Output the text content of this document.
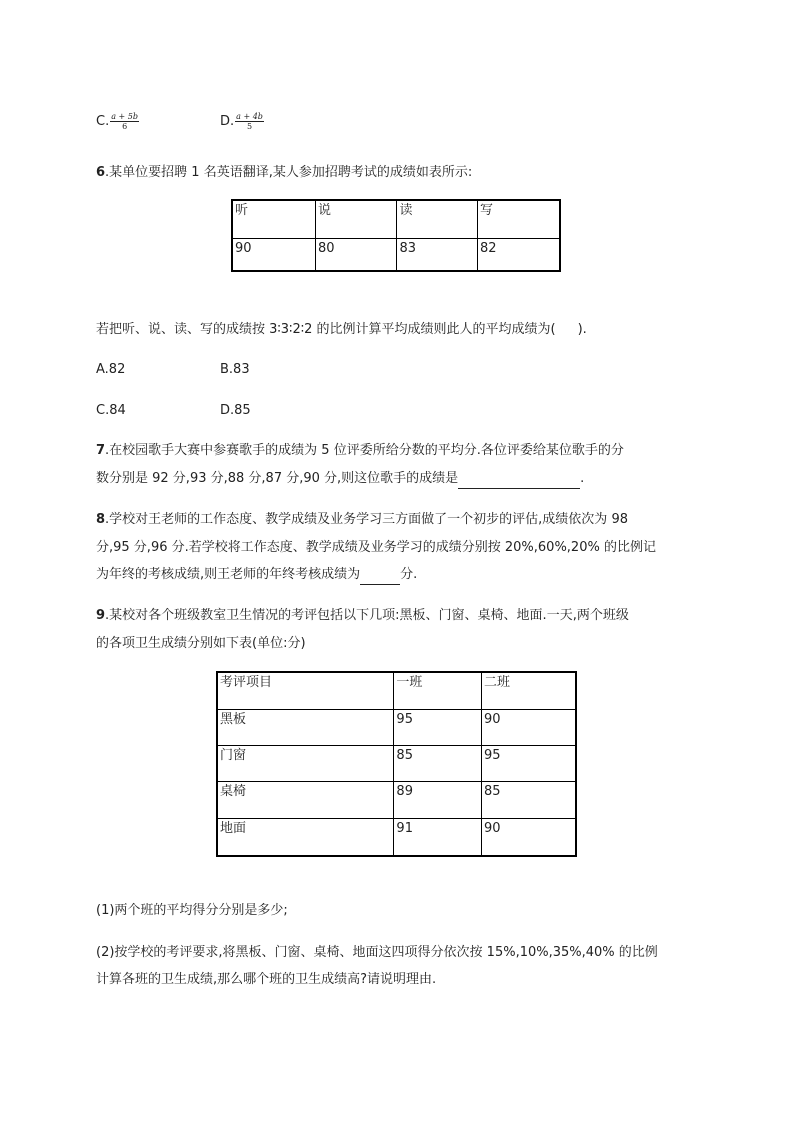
C. $\frac{a + 5b}{6}$	D. $\frac{a + 4b}{5}$
6.某单位要招聘 1 名英语翻译,某人参加招聘考试的成绩如表所示:
听	说	读	写
90	80	83	82
若把听、说、读、写的成绩按 3∶3∶2∶2 的比例计算平均成绩则此人的平均成绩为( ).
A.82	B.83
C.84	D.85
7.在校园歌手大赛中参赛歌手的成绩为 5 位评委所给分数的平均分.各位评委给某位歌手的分
数分别是 92 分,93 分,88 分,87 分,90 分,则这位歌手的成绩是	.
8.学校对王老师的工作态度、教学成绩及业务学习三方面做了一个初步的评估,成绩依次为 98
分,95 分,96 分.若学校将工作态度、教学成绩及业务学习的成绩分别按 20%,60%,20% 的比例记
为年终的考核成绩,则王老师的年终考核成绩为	分.
9.某校对各个班级教室卫生情况的考评包括以下几项:黑板、门窗、桌椅、地面.一天,两个班级
的各项卫生成绩分别如下表(单位:分)
考评项目	一班	二班
黑板	95	90
门窗	85	95
桌椅	89	85
地面	91	90
(1)两个班的平均得分分别是多少;
(2)按学校的考评要求,将黑板、门窗、桌椅、地面这四项得分依次按 15%,10%,35%,40% 的比例
计算各班的卫生成绩,那么哪个班的卫生成绩高?请说明理由.
